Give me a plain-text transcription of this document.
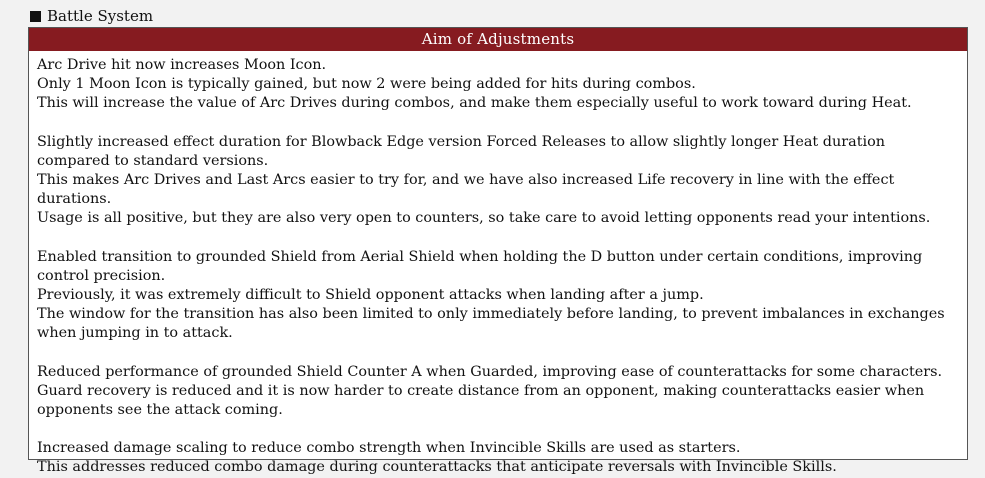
Battle System
Aim of Adjustments
Arc Drive hit now increases Moon Icon.
Only 1 Moon Icon is typically gained, but now 2 were being added for hits during combos.
This will increase the value of Arc Drives during combos, and make them especially useful to work toward during Heat.
Slightly increased effect duration for Blowback Edge version Forced Releases to allow slightly longer Heat duration compared to standard versions.
This makes Arc Drives and Last Arcs easier to try for, and we have also increased Life recovery in line with the effect durations.
Usage is all positive, but they are also very open to counters, so take care to avoid letting opponents read your intentions.
Enabled transition to grounded Shield from Aerial Shield when holding the D button under certain conditions, improving control precision.
Previously, it was extremely difficult to Shield opponent attacks when landing after a jump.
The window for the transition has also been limited to only immediately before landing, to prevent imbalances in exchanges when jumping in to attack.
Reduced performance of grounded Shield Counter A when Guarded, improving ease of counterattacks for some characters.
Guard recovery is reduced and it is now harder to create distance from an opponent, making counterattacks easier when opponents see the attack coming.
Increased damage scaling to reduce combo strength when Invincible Skills are used as starters.
This addresses reduced combo damage during counterattacks that anticipate reversals with Invincible Skills.
